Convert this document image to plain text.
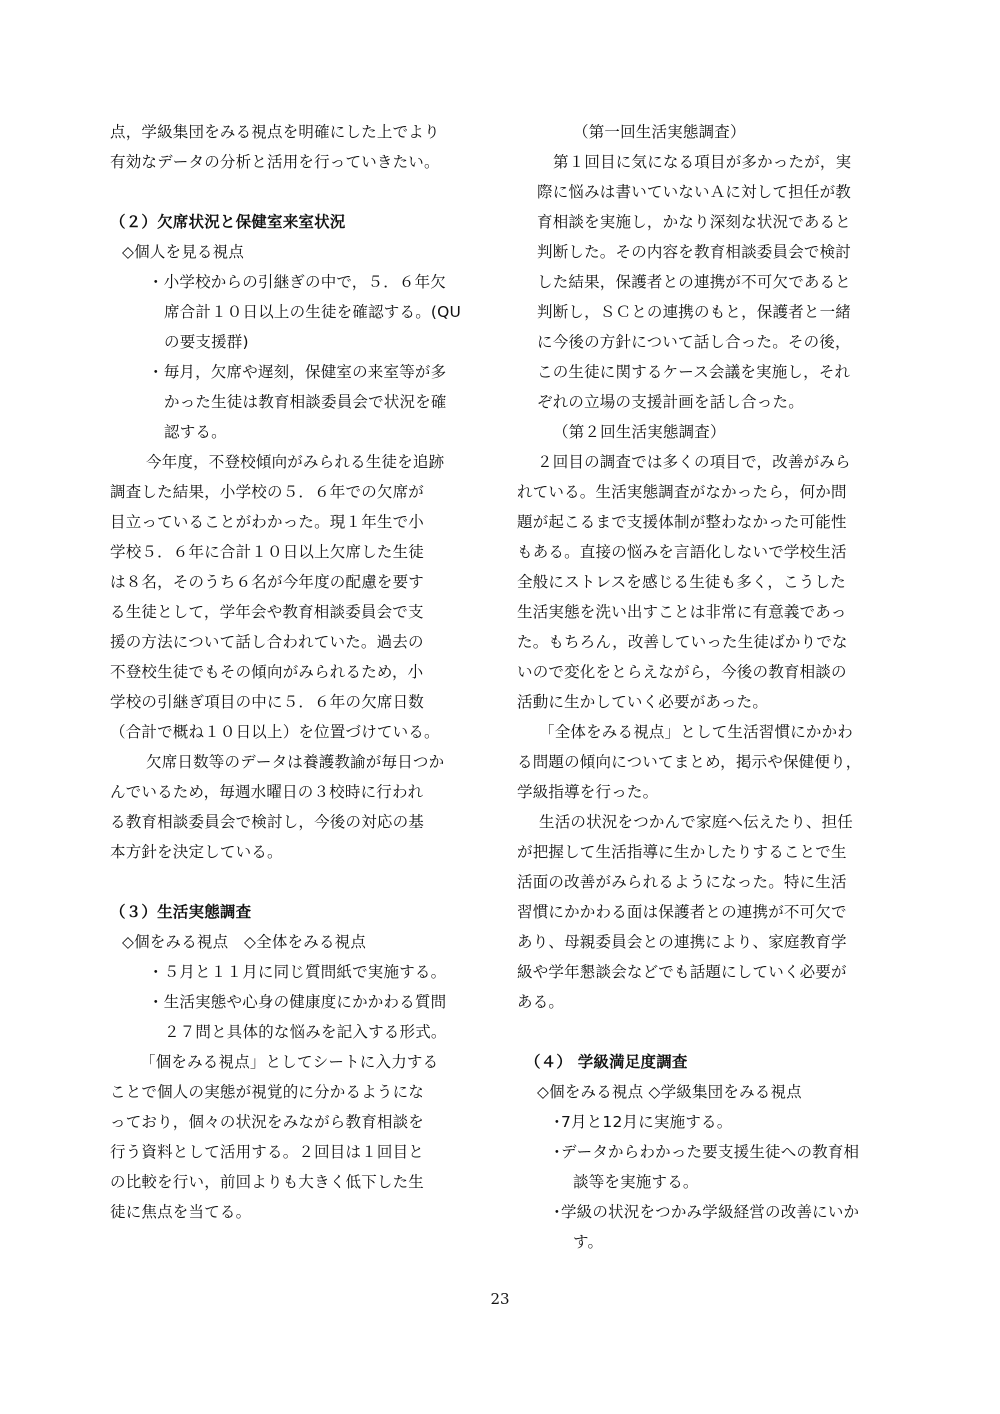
点，学級集団をみる視点を明確にした上でより
有効なデータの分析と活用を行っていきたい。
（２）欠席状況と保健室来室状況
◇個人を見る視点
・小学校からの引継ぎの中で，５．６年欠
席合計１０日以上の生徒を確認する。(QU
の要支援群)
・毎月，欠席や遅刻，保健室の来室等が多
かった生徒は教育相談委員会で状況を確
認する。
今年度，不登校傾向がみられる生徒を追跡
調査した結果，小学校の５．６年での欠席が
目立っていることがわかった。現１年生で小
学校５．６年に合計１０日以上欠席した生徒
は８名，そのうち６名が今年度の配慮を要す
る生徒として，学年会や教育相談委員会で支
援の方法について話し合われていた。過去の
不登校生徒でもその傾向がみられるため，小
学校の引継ぎ項目の中に５．６年の欠席日数
（合計で概ね１０日以上）を位置づけている。
欠席日数等のデータは養護教諭が毎日つか
んでいるため，毎週水曜日の３校時に行われ
る教育相談委員会で検討し，今後の対応の基
本方針を決定している。
（３）生活実態調査
◇個をみる視点　◇全体をみる視点
・５月と１１月に同じ質問紙で実施する。
・生活実態や心身の健康度にかかわる質問
２７問と具体的な悩みを記入する形式。
「個をみる視点」としてシートに入力する
ことで個人の実態が視覚的に分かるようにな
っており，個々の状況をみながら教育相談を
行う資料として活用する。２回目は１回目と
の比較を行い，前回よりも大きく低下した生
徒に焦点を当てる。
（第一回生活実態調査）
第１回目に気になる項目が多かったが，実
際に悩みは書いていないＡに対して担任が教
育相談を実施し，かなり深刻な状況であると
判断した。その内容を教育相談委員会で検討
した結果，保護者との連携が不可欠であると
判断し，ＳＣとの連携のもと，保護者と一緒
に今後の方針について話し合った。その後，
この生徒に関するケース会議を実施し，それ
ぞれの立場の支援計画を話し合った。
（第２回生活実態調査）
２回目の調査では多くの項目で，改善がみら
れている。生活実態調査がなかったら，何か問
題が起こるまで支援体制が整わなかった可能性
もある。直接の悩みを言語化しないで学校生活
全般にストレスを感じる生徒も多く，こうした
生活実態を洗い出すことは非常に有意義であっ
た。もちろん，改善していった生徒ばかりでな
いので変化をとらえながら，今後の教育相談の
活動に生かしていく必要があった。
「全体をみる視点」として生活習慣にかかわ
る問題の傾向についてまとめ，掲示や保健便り，
学級指導を行った。
生活の状況をつかんで家庭へ伝えたり、担任
が把握して生活指導に生かしたりすることで生
活面の改善がみられるようになった。特に生活
習慣にかかわる面は保護者との連携が不可欠で
あり、母親委員会との連携により、家庭教育学
級や学年懇談会などでも話題にしていく必要が
ある。
（４） 学級満足度調査
◇個をみる視点 ◇学級集団をみる視点
･7月と12月に実施する。
･データからわかった要支援生徒への教育相
談等を実施する。
･学級の状況をつかみ学級経営の改善にいか
す。
23
